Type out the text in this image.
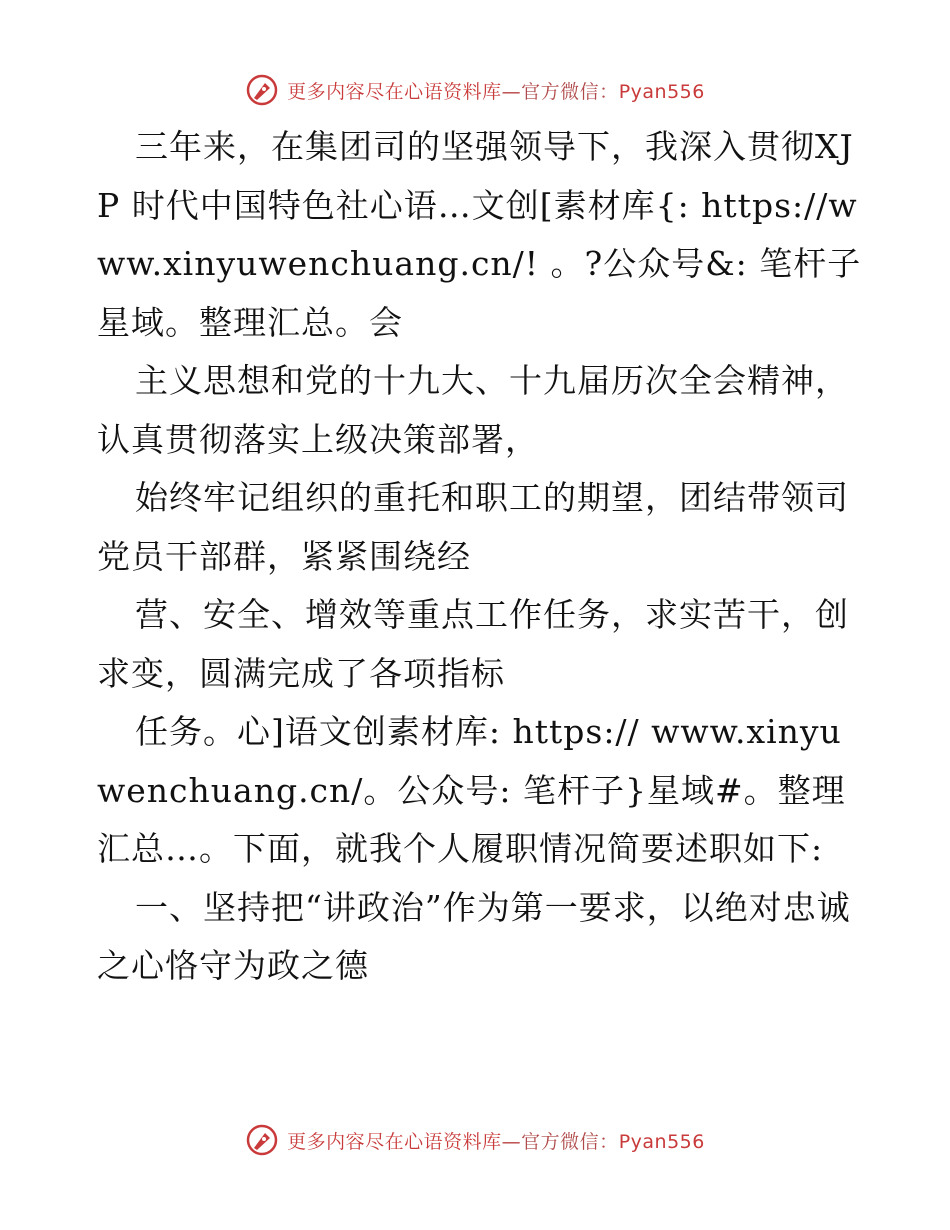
更多内容尽在心语资料库—官方微信：Pyan556

三年来，在集团司的坚强领导下，我深入贯彻XJP 时代中国特色社心语…文创[素材库{: https://www.xinyuwenchuang.cn/! 。?公众号&: 笔杆子星域。整理汇总。会

主义思想和党的十九大、十九届历次全会精神，认真贯彻落实上级决策部署，

始终牢记组织的重托和职工的期望，团结带领司党员干部群，紧紧围绕经

营、安全、增效等重点工作任务，求实苦干，创求变，圆满完成了各项指标

任务。心]语文创素材库: https:// www.xinyuwenchuang.cn/。公众号: 笔杆子}星域#。整理汇总…。下面，就我个人履职情况简要述职如下:

一、坚持把“讲政治”作为第一要求，以绝对忠诚之心恪守为政之德

更多内容尽在心语资料库—官方微信：Pyan556
